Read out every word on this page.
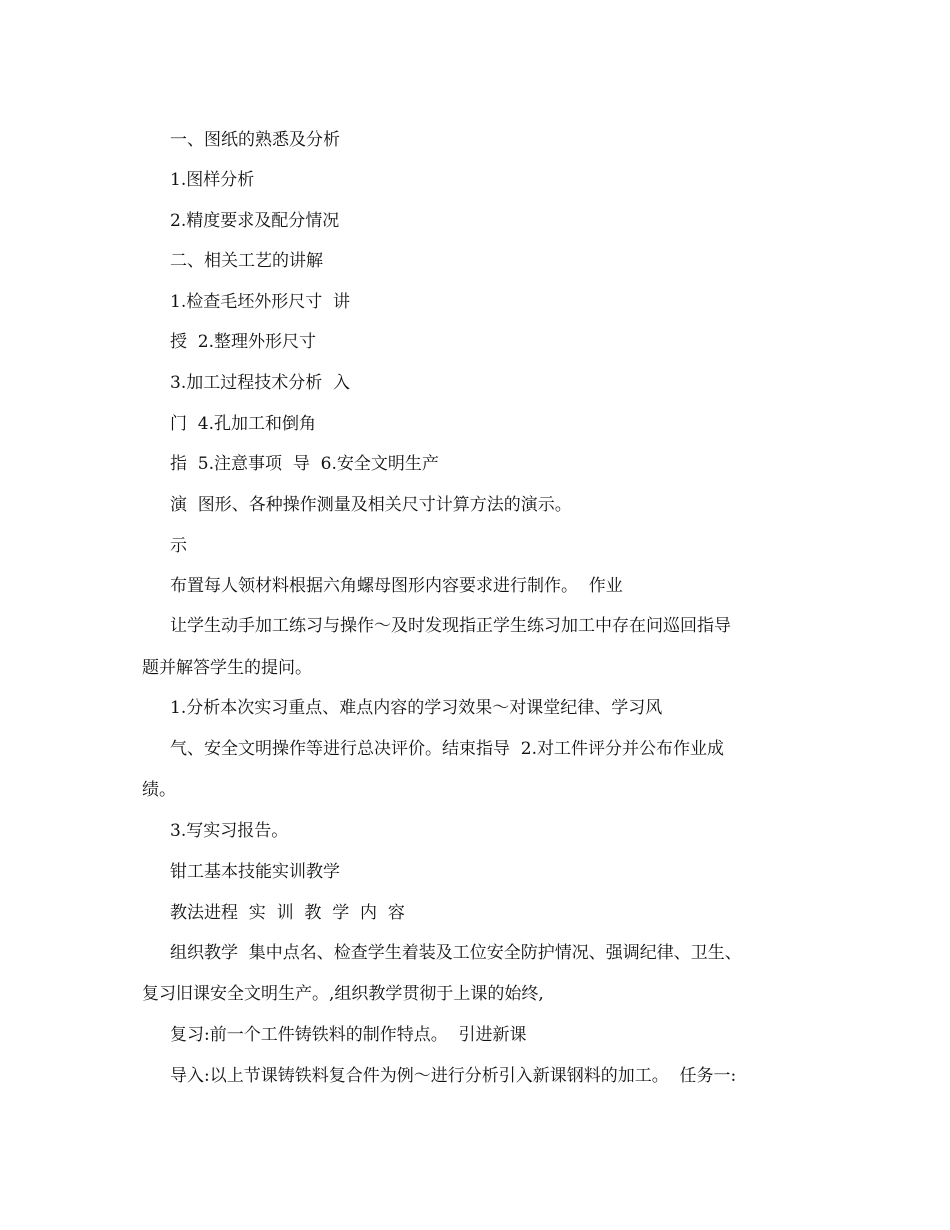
一、图纸的熟悉及分析
1.图样分析
2.精度要求及配分情况
二、相关工艺的讲解
1.检查毛坯外形尺寸  讲
授  2.整理外形尺寸
3.加工过程技术分析  入
门  4.孔加工和倒角
指  5.注意事项  导  6.安全文明生产
演  图形、各种操作测量及相关尺寸计算方法的演示。
示
布置每人领材料根据六角螺母图形内容要求进行制作。  作业
让学生动手加工练习与操作～及时发现指正学生练习加工中存在问巡回指导
题并解答学生的提问。
1.分析本次实习重点、难点内容的学习效果～对课堂纪律、学习风
气、安全文明操作等进行总决评价。结束指导  2.对工件评分并公布作业成
绩。
3.写实习报告。
钳工基本技能实训教学
教法进程  实  训  教  学  内  容
组织教学  集中点名、检查学生着装及工位安全防护情况、强调纪律、卫生、
复习旧课安全文明生产。,组织教学贯彻于上课的始终,
复习:前一个工件铸铁料的制作特点。  引进新课
导入:以上节课铸铁料复合件为例～进行分析引入新课钢料的加工。  任务一:
